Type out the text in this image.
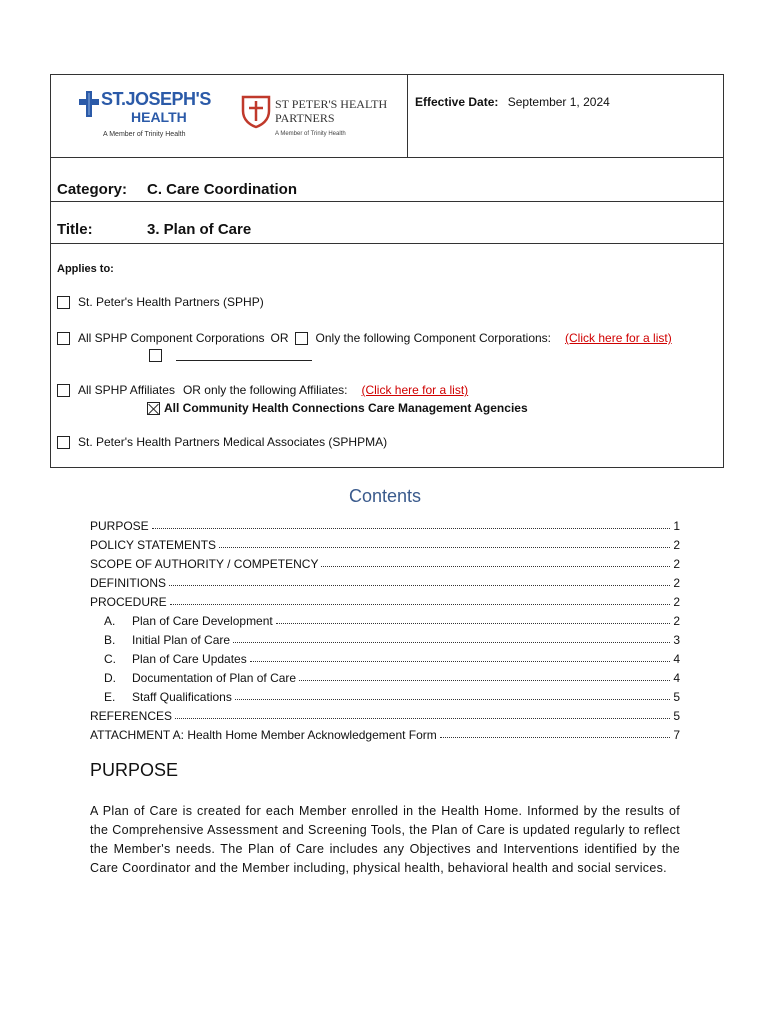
ST.JOSEPH'S
HEALTH
A Member of Trinity Health
ST PETER'S HEALTH
PARTNERS
A Member of Trinity Health
Effective Date: September 1, 2024
Category: C. Care Coordination
Title:	3. Plan of Care
Applies to:
St. Peter's Health Partners (SPHP)
All SPHP Component Corporations OR Only the following Component Corporations: (Click here for a list)
All SPHP Affiliates OR only the following Affiliates: (Click here for a list)
All Community Health Connections Care Management Agencies
St. Peter's Health Partners Medical Associates (SPHPMA)
Contents
PURPOSE	1
POLICY STATEMENTS	2
SCOPE OF AUTHORITY / COMPETENCY	2
DEFINITIONS	2
PROCEDURE	2
A. Plan of Care Development	2
B. Initial Plan of Care	3
C. Plan of Care Updates	4
D. Documentation of Plan of Care	4
E. Staff Qualifications	5
REFERENCES	5
ATTACHMENT A: Health Home Member Acknowledgement Form	7
PURPOSE
A Plan of Care is created for each Member enrolled in the Health Home. Informed by the results of the Comprehensive Assessment and Screening Tools, the Plan of Care is updated regularly to reflect the Member's needs. The Plan of Care includes any Objectives and Interventions identified by the Care Coordinator and the Member including, physical health, behavioral health and social services.
